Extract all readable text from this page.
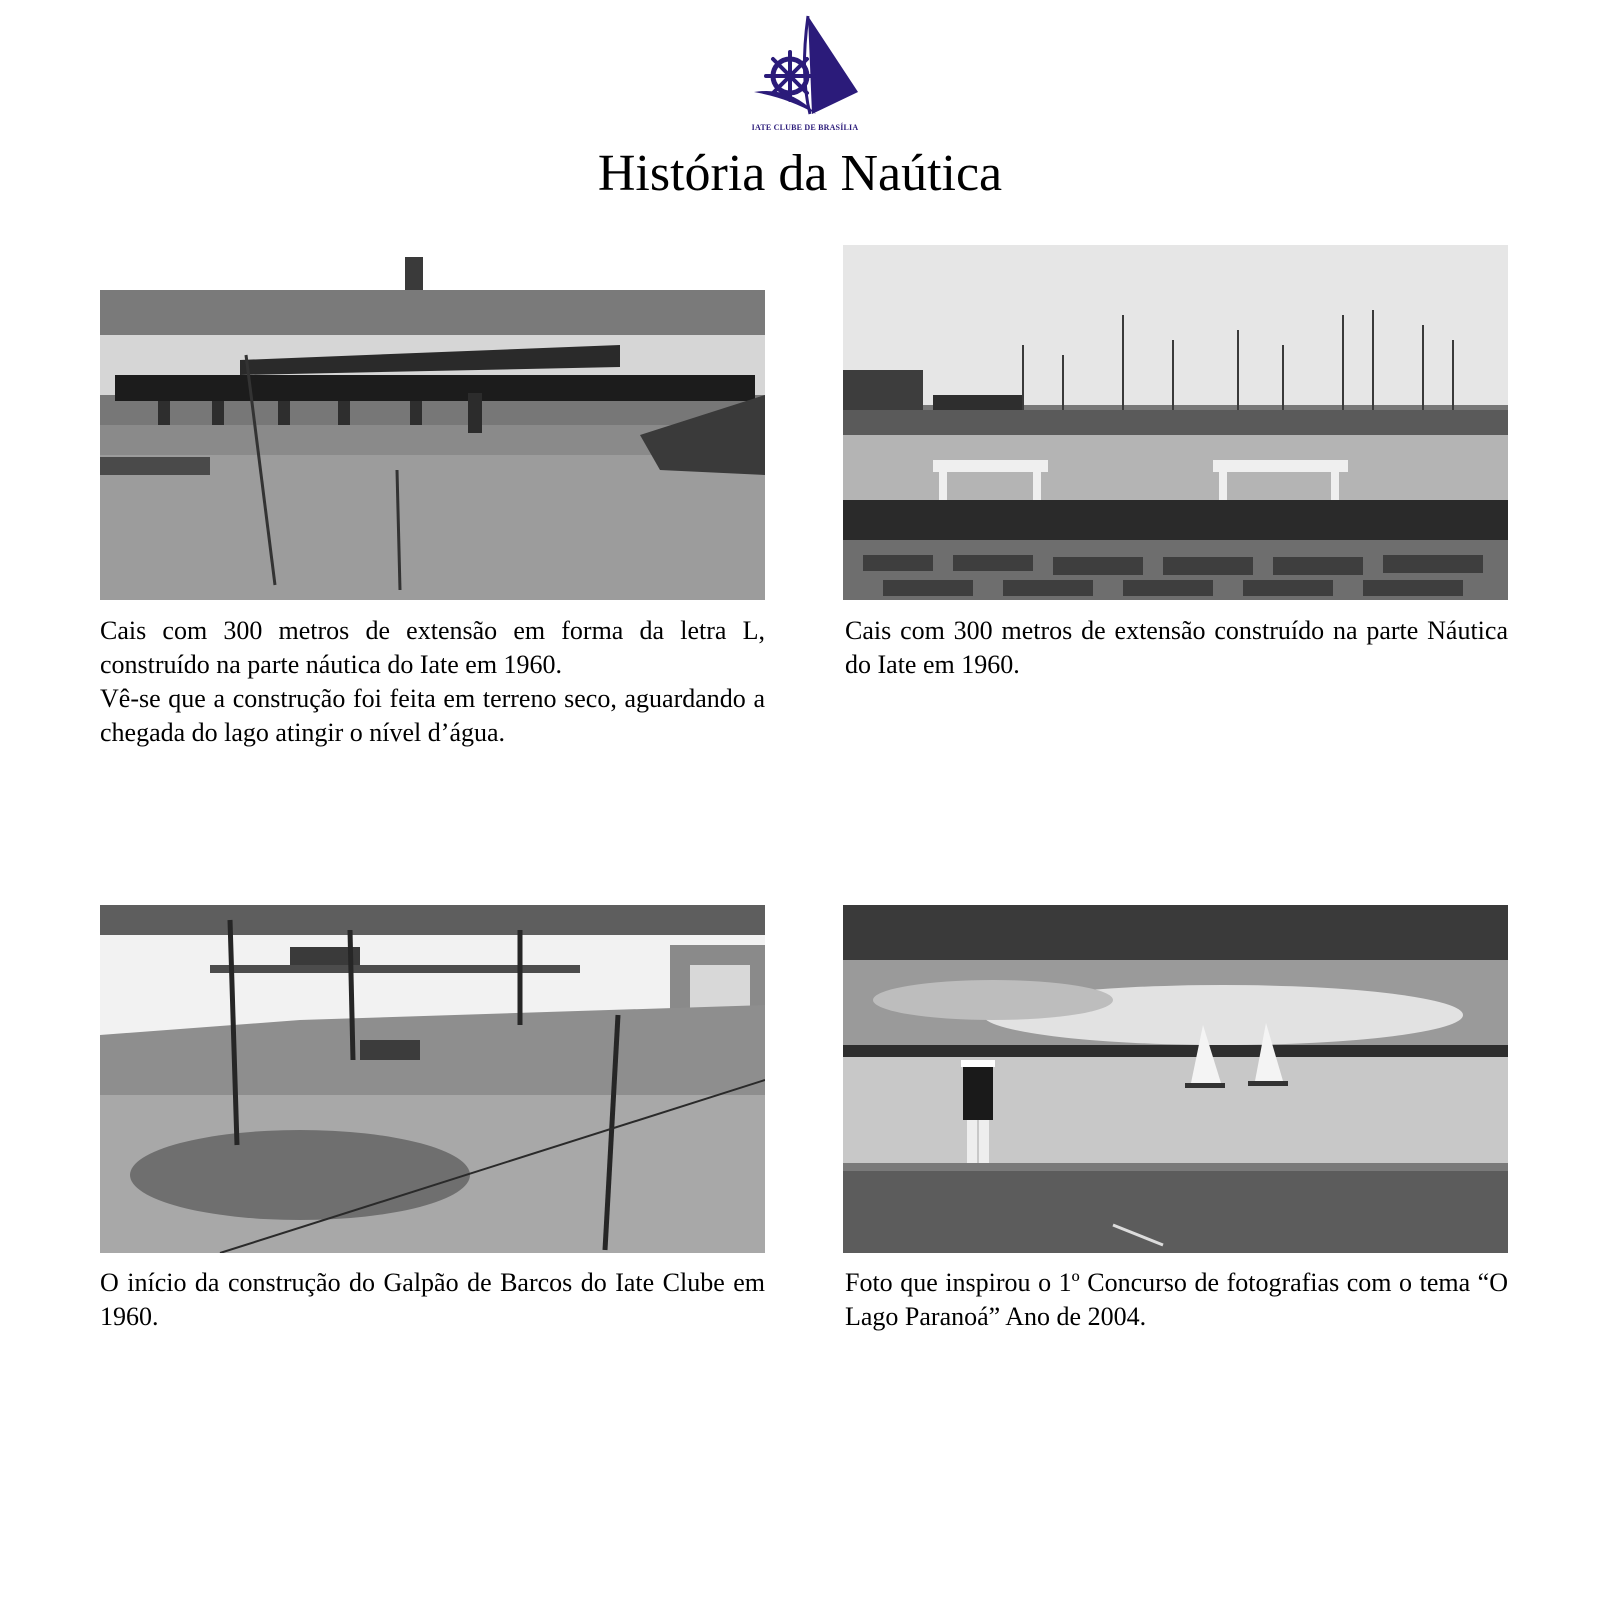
IATE CLUBE DE BRASÍLIA
História da Naútica

Cais com 300 metros de extensão em forma da letra L, construído na parte náutica do Iate em 1960.

Vê-se que a construção foi feita em terreno seco, aguardando a chegada do lago atingir o nível d’água.

Cais com 300 metros de extensão construído na parte Náutica do Iate em 1960.

O início da construção do Galpão de Barcos do Iate Clube em 1960.

Foto que inspirou o 1º Concurso de fotografias com o tema “O Lago Paranoá” Ano de 2004.
